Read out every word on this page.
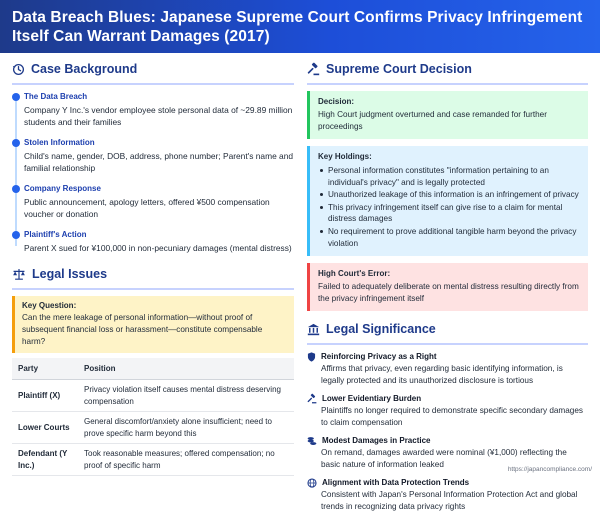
Data Breach Blues: Japanese Supreme Court Confirms Privacy Infringement Itself Can Warrant Damages (2017)
Case Background
The Data Breach
Company Y Inc.'s vendor employee stole personal data of ~29.89 million students and their families
Stolen Information
Child's name, gender, DOB, address, phone number; Parent's name and familial relationship
Company Response
Public announcement, apology letters, offered ¥500 compensation voucher or donation
Plaintiff's Action
Parent X sued for ¥100,000 in non-pecuniary damages (mental distress)
Legal Issues
Key Question:
Can the mere leakage of personal information—without proof of subsequent financial loss or harassment—constitute compensable harm?
Party	Position
Plaintiff (X)	Privacy violation itself causes mental distress deserving compensation
Lower Courts	General discomfort/anxiety alone insufficient; need to prove specific harm beyond this
Defendant (Y Inc.)	Took reasonable measures; offered compensation; no proof of specific harm
Supreme Court Decision
Decision:
High Court judgment overturned and case remanded for further proceedings
Key Holdings:
Personal information constitutes "information pertaining to an individual's privacy" and is legally protected
Unauthorized leakage of this information is an infringement of privacy
This privacy infringement itself can give rise to a claim for mental distress damages
No requirement to prove additional tangible harm beyond the privacy violation
High Court's Error:
Failed to adequately deliberate on mental distress resulting directly from the privacy infringement itself
Legal Significance
Reinforcing Privacy as a Right
Affirms that privacy, even regarding basic identifying information, is legally protected and its unauthorized disclosure is tortious
Lower Evidentiary Burden
Plaintiffs no longer required to demonstrate specific secondary damages to claim compensation
Modest Damages in Practice
On remand, damages awarded were nominal (¥1,000) reflecting the basic nature of information leaked
Alignment with Data Protection Trends
Consistent with Japan's Personal Information Protection Act and global trends in recognizing data privacy rights
https://japancompliance.com/
